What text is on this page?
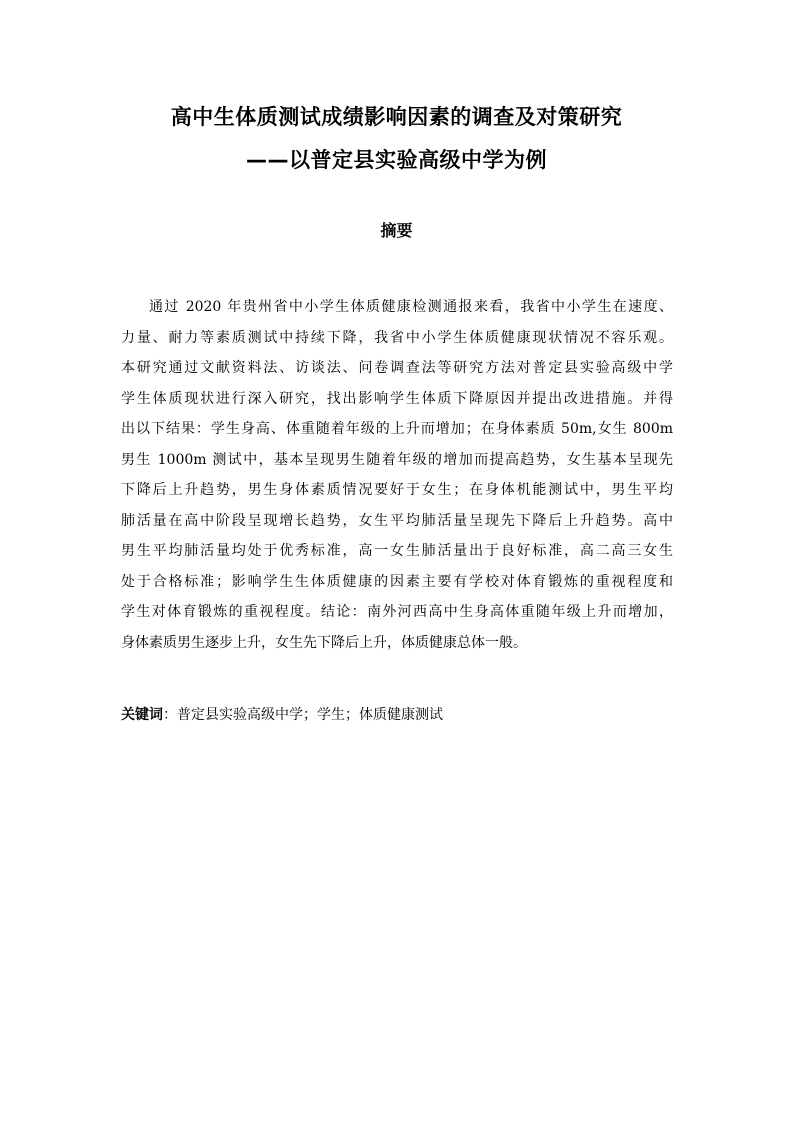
高中生体质测试成绩影响因素的调查及对策研究
——以普定县实验高级中学为例
摘要
通过 2020 年贵州省中小学生体质健康检测通报来看，我省中小学生在速度、
力量、耐力等素质测试中持续下降，我省中小学生体质健康现状情况不容乐观。
本研究通过文献资料法、访谈法、问卷调查法等研究方法对普定县实验高级中学
学生体质现状进行深入研究，找出影响学生体质下降原因并提出改进措施。并得
出以下结果：学生身高、体重随着年级的上升而增加；在身体素质 50m,女生 800m
男生 1000m 测试中，基本呈现男生随着年级的增加而提高趋势，女生基本呈现先
下降后上升趋势，男生身体素质情况要好于女生；在身体机能测试中，男生平均
肺活量在高中阶段呈现增长趋势，女生平均肺活量呈现先下降后上升趋势。高中
男生平均肺活量均处于优秀标准，高一女生肺活量出于良好标准，高二高三女生
处于合格标准；影响学生生体质健康的因素主要有学校对体育锻炼的重视程度和
学生对体育锻炼的重视程度。结论：南外河西高中生身高体重随年级上升而增加，
身体素质男生逐步上升，女生先下降后上升，体质健康总体一般。
关键词：普定县实验高级中学；学生；体质健康测试
